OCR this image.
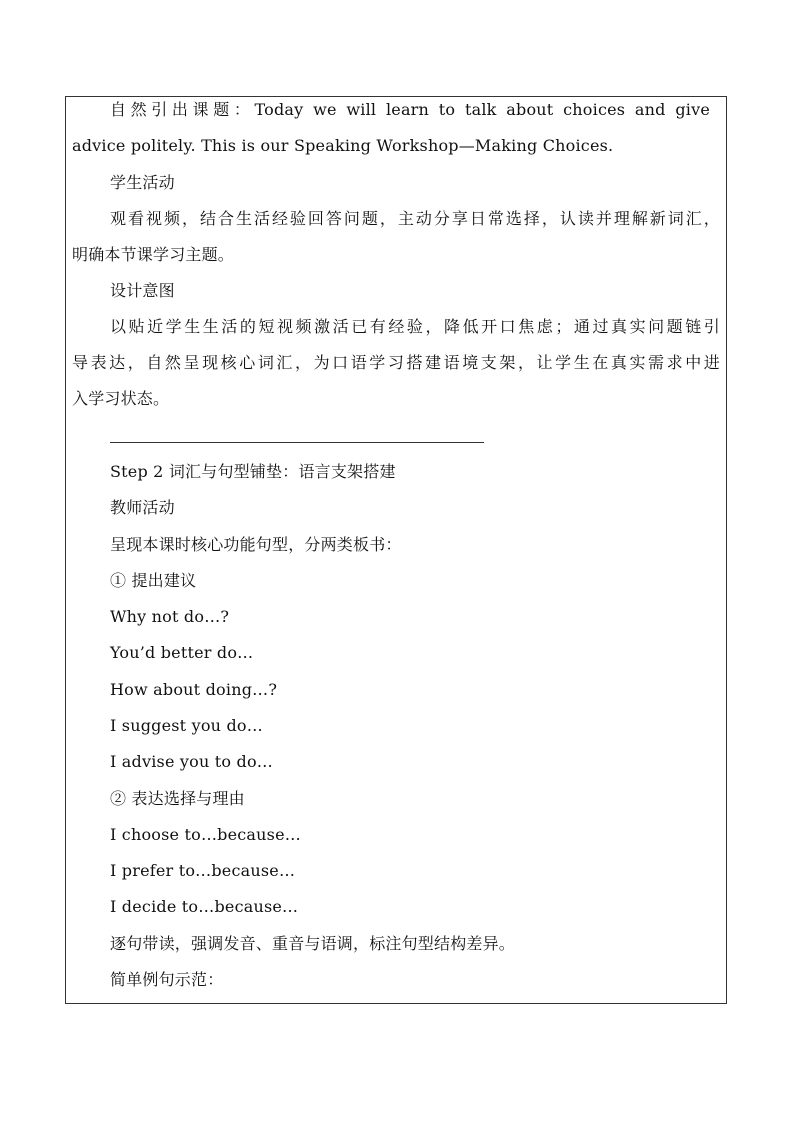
自然引出课题：Today we will learn to talk about choices and give
advice politely. This is our Speaking Workshop—Making Choices.
学生活动
观看视频，结合生活经验回答问题，主动分享日常选择，认读并理解新词汇，
明确本节课学习主题。
设计意图
以贴近学生生活的短视频激活已有经验，降低开口焦虑；通过真实问题链引
导表达，自然呈现核心词汇，为口语学习搭建语境支架，让学生在真实需求中进
入学习状态。
Step 2 词汇与句型铺垫：语言支架搭建
教师活动
呈现本课时核心功能句型，分两类板书：
① 提出建议
Why not do…?
You’d better do…
How about doing…?
I suggest you do…
I advise you to do…
② 表达选择与理由
I choose to…because…
I prefer to…because…
I decide to…because…
逐句带读，强调发音、重音与语调，标注句型结构差异。
简单例句示范：
